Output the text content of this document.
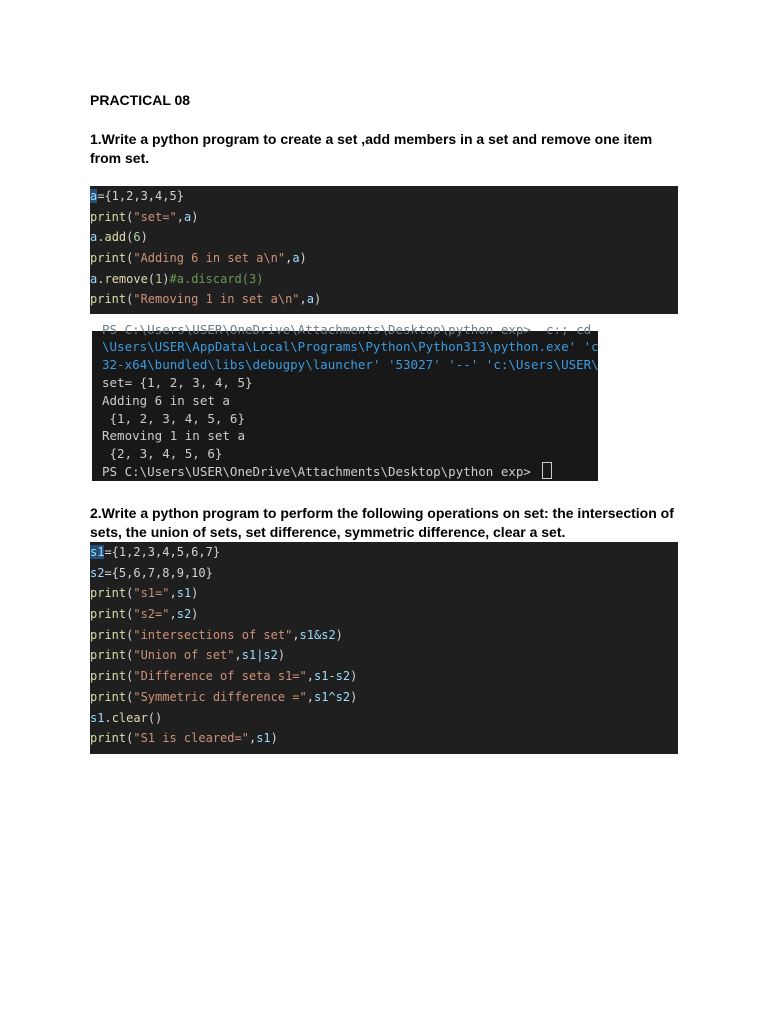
PRACTICAL 08
1.Write a python program to create a set ,add members in a set and remove one item from set.
a={1,2,3,4,5}
print("set=",a)
a.add(6)
print("Adding 6 in set a\n",a)
a.remove(1)#a.discard(3)
print("Removing 1 in set a\n",a)
PS C:\Users\USER\OneDrive\Attachments\Desktop\python exp>  c:; cd
\Users\USER\AppData\Local\Programs\Python\Python313\python.exe' 'c
32-x64\bundled\libs\debugpy\launcher' '53027' '--' 'c:\Users\USER\
set= {1, 2, 3, 4, 5}
Adding 6 in set a
{1, 2, 3, 4, 5, 6}
Removing 1 in set a
{2, 3, 4, 5, 6}
PS C:\Users\USER\OneDrive\Attachments\Desktop\python exp>
2.Write a python program to perform the following operations on set: the intersection of sets, the union of sets, set difference, symmetric difference, clear a set.
s1={1,2,3,4,5,6,7}
s2={5,6,7,8,9,10}
print("s1=",s1)
print("s2=",s2)
print("intersections of set",s1&s2)
print("Union of set",s1|s2)
print("Difference of seta s1=",s1-s2)
print("Symmetric difference =",s1^s2)
s1.clear()
print("S1 is cleared=",s1)
